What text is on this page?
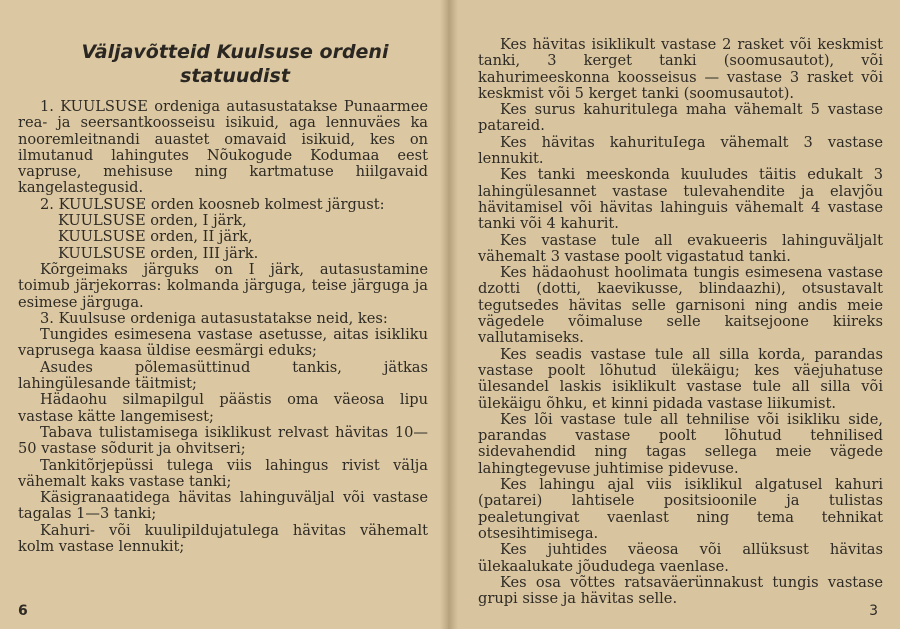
Väljavõtteid Kuulsuse ordeni
statuudist

1. KUULSUSE ordeniga autasustatakse Punaarmee rea- ja seersantkoosseisu isikuid, aga lennuväes ka nooremleitnandi auastet omavaid isikuid, kes on ilmutanud lahingutes Nõukogude Kodumaa eest vapruse, mehisuse ning kartmatuse hiilgavaid kangelastegusid.

2. KUULSUSE orden koosneb kolmest järgust:

KUULSUSE orden, I järk,
KUULSUSE orden, II järk,
KUULSUSE orden, III järk.

Kõrgeimaks järguks on I järk, autasustamine toimub järjekorras: kolmanda järguga, teise järguga ja esimese järguga.

3. Kuulsuse ordeniga autasustatakse neid, kes:

Tungides esimesena vastase asetusse, aitas isikliku vaprusega kaasa üldise eesmärgi eduks;

Asudes põlemasüttinud tankis, jätkas lahingülesande täitmist;

Hädaohu silmapilgul päästis oma väeosa lipu vastase kätte langemisest;

Tabava tulistamisega isiklikust relvast hävitas 10—50 vastase sõdurit ja ohvitseri;

Tankitõrjepüssi tulega viis lahingus rivist välja vähemalt kaks vastase tanki;

Käsigranaatidega hävitas lahinguväljal või vastase tagalas 1—3 tanki;

Kahuri- või kuulipildujatulega hävitas vähemalt kolm vastase lennukit;

6

Kes hävitas isiklikult vastase 2 rasket või keskmist tanki, 3 kerget tanki (soomusautot), või kahurimeeskonna koosseisus — vastase 3 rasket või keskmist või 5 kerget tanki (soomusautot).

Kes surus kahuritulega maha vähemalt 5 vastase patareid.

Kes hävitas kahurituIega vähemalt 3 vastase lennukit.

Kes tanki meeskonda kuuludes täitis edukalt 3 lahingülesannet vastase tulevahendite ja elavjõu hävitamisel või hävitas lahinguis vähemalt 4 vastase tanki või 4 kahurit.

Kes vastase tule all evakueeris lahinguväljalt vähemalt 3 vastase poolt vigastatud tanki.

Kes hädaohust hoolimata tungis esimesena vastase dzotti (dotti, kaevikusse, blindaazhi), otsustavalt tegutsedes hävitas selle garnisoni ning andis meie vägedele võimaluse selle kaitsejoone kiireks vallutamiseks.

Kes seadis vastase tule all silla korda, parandas vastase poolt lõhutud ülekäigu; kes väejuhatuse ülesandel laskis isiklikult vastase tule all silla või ülekäigu õhku, et kinni pidada vastase liikumist.

Kes lõi vastase tule all tehnilise või isikliku side, parandas vastase poolt lõhutud tehnilised sidevahendid ning tagas sellega meie vägede lahingtegevuse juhtimise pidevuse.

Kes lahingu ajal viis isiklikul algatusel kahuri (patarei) lahtisele positsioonile ja tulistas pealetungivat vaenlast ning tema tehnikat otsesihtimisega.

Kes juhtides väeosa või allüksust hävitas ülekaalukate jõududega vaenlase.

Kes osa võttes ratsaväerünnakust tungis vastase grupi sisse ja hävitas selle.

3
